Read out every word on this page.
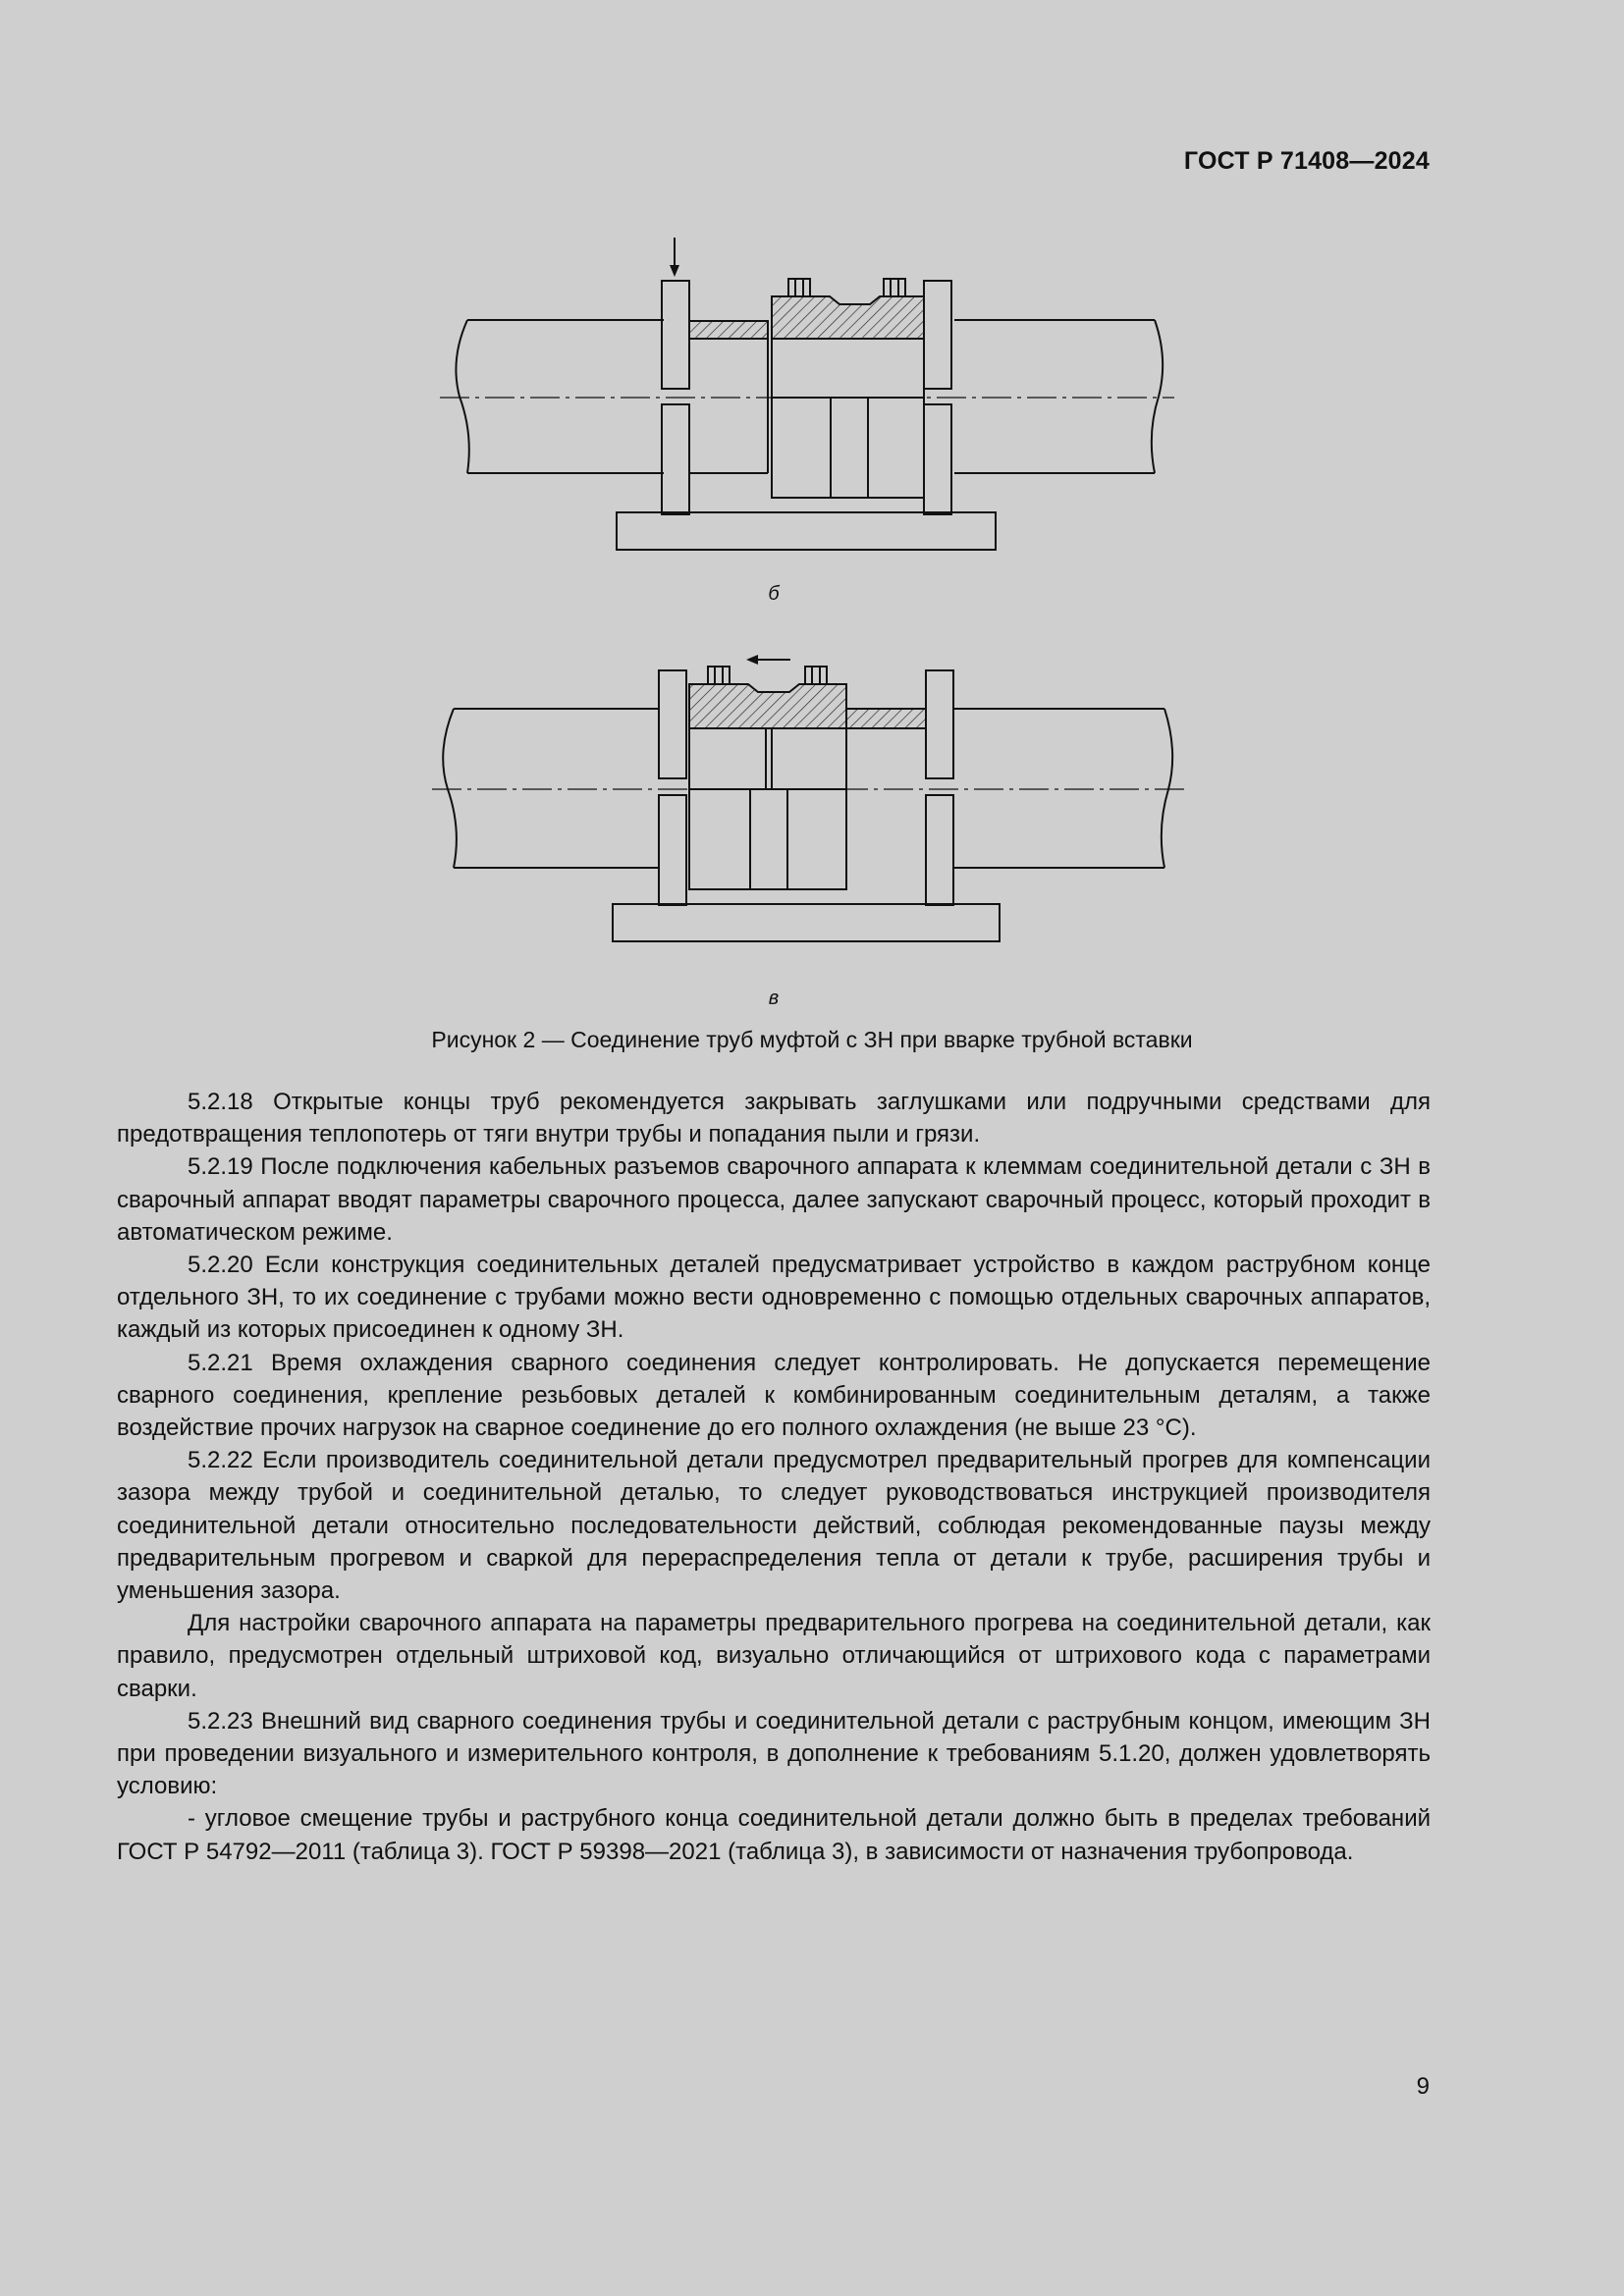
ГОСТ Р 71408—2024
б
в
Рисунок 2 — Соединение труб муфтой с ЗН при вварке трубной вставки

5.2.18 Открытые концы труб рекомендуется закрывать заглушками или подручными средствами для предотвращения теплопотерь от тяги внутри трубы и попадания пыли и грязи.

5.2.19 После подключения кабельных разъемов сварочного аппарата к клеммам соединительной детали с ЗН в сварочный аппарат вводят параметры сварочного процесса, далее запускают сварочный процесс, который проходит в автоматическом режиме.

5.2.20 Если конструкция соединительных деталей предусматривает устройство в каждом раструбном конце отдельного ЗН, то их соединение с трубами можно вести одновременно с помощью отдельных сварочных аппаратов, каждый из которых присоединен к одному ЗН.

5.2.21 Время охлаждения сварного соединения следует контролировать. Не допускается перемещение сварного соединения, крепление резьбовых деталей к комбинированным соединительным деталям, а также воздействие прочих нагрузок на сварное соединение до его полного охлаждения (не выше 23 °С).

5.2.22 Если производитель соединительной детали предусмотрел предварительный прогрев для компенсации зазора между трубой и соединительной деталью, то следует руководствоваться инструкцией производителя соединительной детали относительно последовательности действий, соблюдая рекомендованные паузы между предварительным прогревом и сваркой для перераспределения тепла от детали к трубе, расширения трубы и уменьшения зазора.

Для настройки сварочного аппарата на параметры предварительного прогрева на соединительной детали, как правило, предусмотрен отдельный штриховой код, визуально отличающийся от штрихового кода с параметрами сварки.

5.2.23 Внешний вид сварного соединения трубы и соединительной детали с раструбным концом, имеющим ЗН при проведении визуального и измерительного контроля, в дополнение к требованиям 5.1.20, должен удовлетворять условию:

- угловое смещение трубы и раструбного конца соединительной детали должно быть в пределах требований ГОСТ Р 54792—2011 (таблица 3). ГОСТ Р 59398—2021 (таблица 3), в зависимости от назначения трубопровода.

9
